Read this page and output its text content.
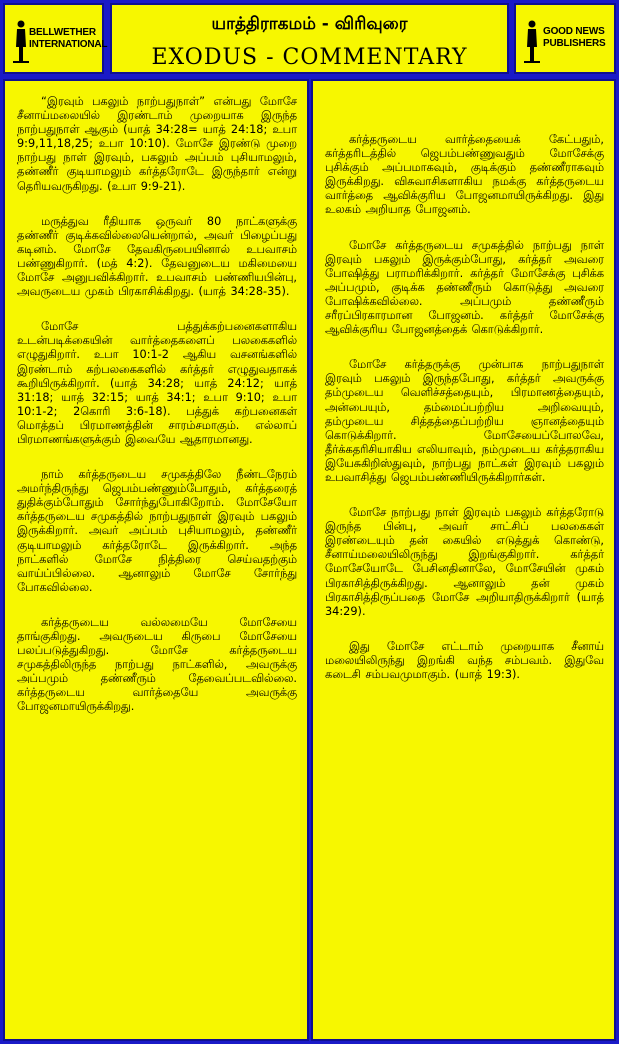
BELLWETHER
INTERNATIONAL
யாத்திராகமம் - விரிவுரை
EXODUS - COMMENTARY
GOOD NEWS
PUBLISHERS

“இரவும் பகலும் நாற்பதுநாள்” என்பது மோசே சீனாய்மலையில் இரண்டாம் முறையாக இருந்த நாற்பதுநாள் ஆகும் (யாத் 34:28= யாத் 24:18; உபா 9:9,11,18,25; உபா 10:10). மோசே இரண்டு முறை நாற்பது நாள் இரவும், பகலும் அப்பம் புசியாமலும், தண்ணீர் குடியாமலும் கர்த்தரோடே இருந்தார் என்று தெரியவருகிறது. (உபா 9:9-21).

மருத்துவ ரீதியாக ஒருவர் 80 நாட்களுக்கு தண்ணீர் குடிக்கவில்லையென்றால், அவர் பிழைப்பது கடினம். மோசே தேவகிருபையினால் உபவாசம் பண்ணுகிறார். (மத் 4:2). தேவனுடைய மகிமையை மோசே அனுபவிக்கிறார். உபவாசம் பண்ணியபின்பு, அவருடைய முகம் பிரகாசிக்கிறது. (யாத் 34:28-35).

மோசே பத்துக்கற்பனைகளாகிய உடன்படிக்கையின் வார்த்தைகளைப் பலகைகளில் எழுதுகிறார். உபா 10:1-2 ஆகிய வசனங்களில் இரண்டாம் கற்பலகைகளில் கர்த்தர் எழுதுவதாகக் கூறியிருக்கிறார். (யாத் 34:28; யாத் 24:12; யாத் 31:18; யாத் 32:15; யாத் 34:1; உபா 9:10; உபா 10:1-2; 2கொரி 3:6-18). பத்துக் கற்பனைகள் மொத்தப் பிரமாணத்தின் சாரம்சமாகும். எல்லாப் பிரமாணங்களுக்கும் இவையே ஆதாரமானது.

நாம் கர்த்தருடைய சமுகத்திலே நீண்டநேரம் அமர்ந்திருந்து ஜெபம்பண்ணும்போதும், கர்த்தரைத் துதிக்கும்போதும் சோர்ந்துபோகிறோம். மோசேயோ கர்த்தருடைய சமுகத்தில் நாற்பதுநாள் இரவும் பகலும் இருக்கிறார். அவர் அப்பம் புசியாமலும், தண்ணீர் குடியாமலும் கர்த்தரோடே இருக்கிறார். அந்த நாட்களில் மோசே நித்திரை செய்வதற்கும் வாய்ப்பில்லை. ஆனாலும் மோசே சோர்ந்து போகவில்லை.

கர்த்தருடைய வல்லமையே மோசேயை தாங்குகிறது. அவருடைய கிருபை மோசேயை பலப்படுத்துகிறது. மோசே கர்த்தருடைய சமுகத்திலிருந்த நாற்பது நாட்களில், அவருக்கு அப்பமும் தண்ணீரும் தேவைப்படவில்லை. கர்த்தருடைய வார்த்தையே அவருக்கு போஜனமாயிருக்கிறது.

கர்த்தருடைய வார்த்தையைக் கேட்பதும், கர்த்தரிடத்தில் ஜெபம்பண்ணுவதும் மோசேக்கு புசிக்கும் அப்பமாகவும், குடிக்கும் தண்ணீராகவும் இருக்கிறது. விசுவாசிகளாகிய நமக்கு கர்த்தருடைய வார்த்தை ஆவிக்குரிய போஜனமாயிருக்கிறது. இது உலகம் அறியாத போஜனம்.

மோசே கர்த்தருடைய சமுகத்தில் நாற்பது நாள் இரவும் பகலும் இருக்கும்போது, கர்த்தர் அவரை போஷித்து பராமரிக்கிறார். கர்த்தர் மோசேக்கு புசிக்க அப்பமும், குடிக்க தண்ணீரும் கொடுத்து அவரை போஷிக்கவில்லை. அப்பமும் தண்ணீரும் சரீரப்பிரகாரமான போஜனம். கர்த்தர் மோசேக்கு ஆவிக்குரிய போஜனத்தைக் கொடுக்கிறார்.

மோசே கர்த்தருக்கு முன்பாக நாற்பதுநாள் இரவும் பகலும் இருந்தபோது, கர்த்தர் அவருக்கு தம்முடைய வெளிச்சத்தையும், பிரமாணத்தையும், அன்பையும், தம்மைப்பற்றிய அறிவையும், தம்முடைய சித்தத்தைப்பற்றிய ஞானத்தையும் கொடுக்கிறார். மோசேயைப்போலவே, தீர்க்கதரிசியாகிய எலியாவும், நம்முடைய கர்த்தராகிய இயேசுகிறிஸ்துவும், நாற்பது நாட்கள் இரவும் பகலும் உபவாசித்து ஜெபம்பண்ணியிருக்கிறார்கள்.

மோசே நாற்பது நாள் இரவும் பகலும் கர்த்தரோடு இருந்த பின்பு, அவர் சாட்சிப் பலகைகள் இரண்டையும் தன் கையில் எடுத்துக் கொண்டு, சீனாய்மலையிலிருந்து இறங்குகிறார். கர்த்தர் மோசேயோடே பேசினதினாலே, மோசேயின் முகம் பிரகாசித்திருக்கிறது. ஆனாலும் தன் முகம் பிரகாசித்திருப்பதை மோசே அறியாதிருக்கிறார் (யாத் 34:29).

இது மோசே எட்டாம் முறையாக சீனாய் மலையிலிருந்து இறங்கி வந்த சம்பவம். இதுவே கடைசி சம்பவமுமாகும். (யாத் 19:3).
